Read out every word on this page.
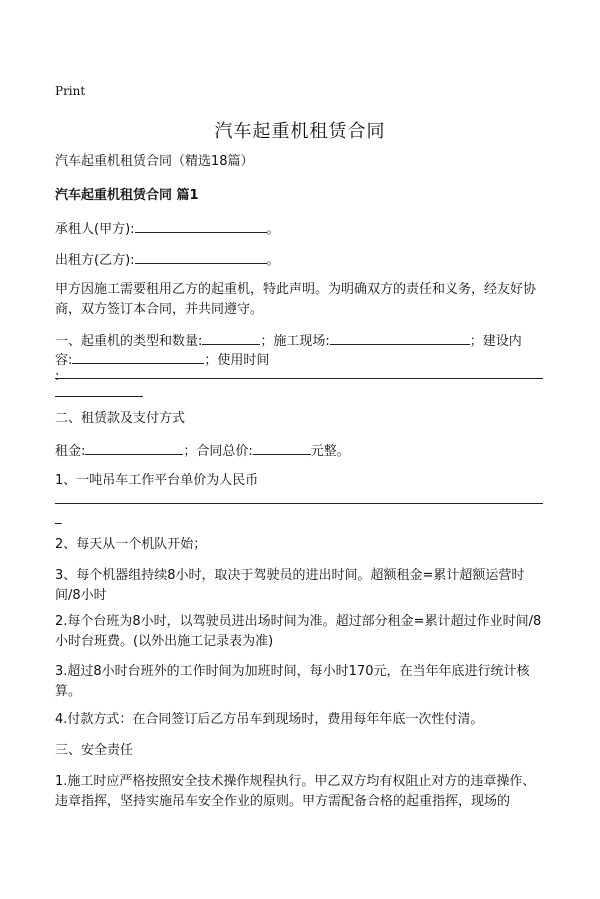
Print
汽车起重机租赁合同
汽车起重机租赁合同（精选18篇）
汽车起重机租赁合同 篇1
承租人(甲方):	。
出租方(乙方):	。
甲方因施工需要租用乙方的起重机，特此声明。为明确双方的责任和义务，经友好协商，双方签订本合同，并共同遵守。
一、起重机的类型和数量:	；施工现场:	；建设内
容:	；使用时间
:
二、租赁款及支付方式
租金:	；合同总价:	元整。
1、一吨吊车工作平台单价为人民币
_
2、每天从一个机队开始；
3、每个机器组持续8小时，取决于驾驶员的进出时间。超额租金=累计超额运营时间/8小时
2.每个台班为8小时，以驾驶员进出场时间为准。超过部分租金=累计超过作业时间/8小时台班费。(以外出施工记录表为准)
3.超过8小时台班外的工作时间为加班时间，每小时170元，在当年年底进行统计核算。
4.付款方式：在合同签订后乙方吊车到现场时，费用每年年底一次性付清。
三、安全责任
1.施工时应严格按照安全技术操作规程执行。甲乙双方均有权阻止对方的违章操作、违章指挥，坚持实施吊车安全作业的原则。甲方需配备合格的起重指挥，现场的
